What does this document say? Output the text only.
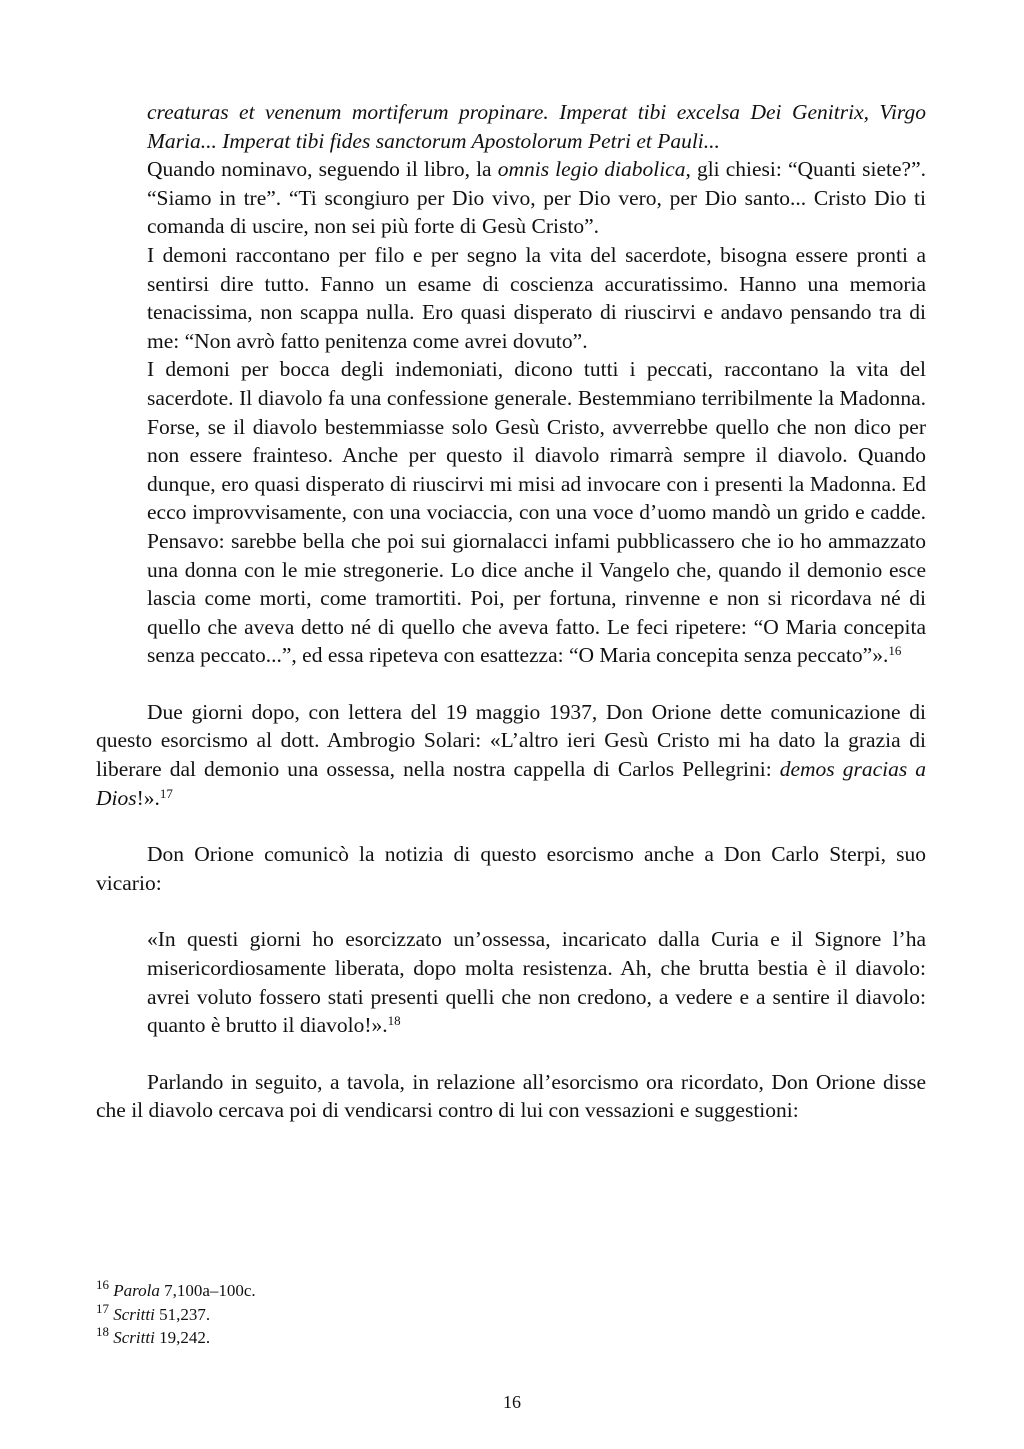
creaturas et venenum mortiferum propinare. Imperat tibi excelsa Dei Genitrix, Virgo Maria... Imperat tibi fides sanctorum Apostolorum Petri et Pauli...

Quando nominavo, seguendo il libro, la omnis legio diabolica, gli chiesi: “Quanti siete?”. “Siamo in tre”. “Ti scongiuro per Dio vivo, per Dio vero, per Dio santo... Cristo Dio ti comanda di uscire, non sei più forte di Gesù Cristo”.

I demoni raccontano per filo e per segno la vita del sacerdote, bisogna essere pronti a sentirsi dire tutto. Fanno un esame di coscienza accuratissimo. Hanno una memoria tenacissima, non scappa nulla. Ero quasi disperato di riuscirvi e andavo pensando tra di me: “Non avrò fatto penitenza come avrei dovuto”.

I demoni per bocca degli indemoniati, dicono tutti i peccati, raccontano la vita del sacerdote. Il diavolo fa una confessione generale. Bestemmiano terribilmente la Madonna. Forse, se il diavolo bestemmiasse solo Gesù Cristo, avverrebbe quello che non dico per non essere frainteso. Anche per questo il diavolo rimarrà sempre il diavolo. Quando dunque, ero quasi disperato di riuscirvi mi misi ad invocare con i presenti la Madonna. Ed ecco improvvisamente, con una vociaccia, con una voce d’uomo mandò un grido e cadde. Pensavo: sarebbe bella che poi sui giornalacci infami pubblicassero che io ho ammazzato una donna con le mie stregonerie. Lo dice anche il Vangelo che, quando il demonio esce lascia come morti, come tramortiti. Poi, per fortuna, rinvenne e non si ricordava né di quello che aveva detto né di quello che aveva fatto. Le feci ripetere: “O Maria concepita senza peccato...”, ed essa ripeteva con esattezza: “O Maria concepita senza peccato”».$^{16}$

Due giorni dopo, con lettera del 19 maggio 1937, Don Orione dette comunicazione di questo esorcismo al dott. Ambrogio Solari: «L’altro ieri Gesù Cristo mi ha dato la grazia di liberare dal demonio una ossessa, nella nostra cappella di Carlos Pellegrini: demos gracias a Dios!».$^{17}$

Don Orione comunicò la notizia di questo esorcismo anche a Don Carlo Sterpi, suo vicario:

«In questi giorni ho esorcizzato un’ossessa, incaricato dalla Curia e il Signore l’ha misericordiosamente liberata, dopo molta resistenza. Ah, che brutta bestia è il diavolo: avrei voluto fossero stati presenti quelli che non credono, a vedere e a sentire il diavolo: quanto è brutto il diavolo!».$^{18}$

Parlando in seguito, a tavola, in relazione all’esorcismo ora ricordato, Don Orione disse che il diavolo cercava poi di vendicarsi contro di lui con vessazioni e suggestioni:

$^{16}$ Parola 7,100a–100c.
$^{17}$ Scritti 51,237.
$^{18}$ Scritti 19,242.
16
